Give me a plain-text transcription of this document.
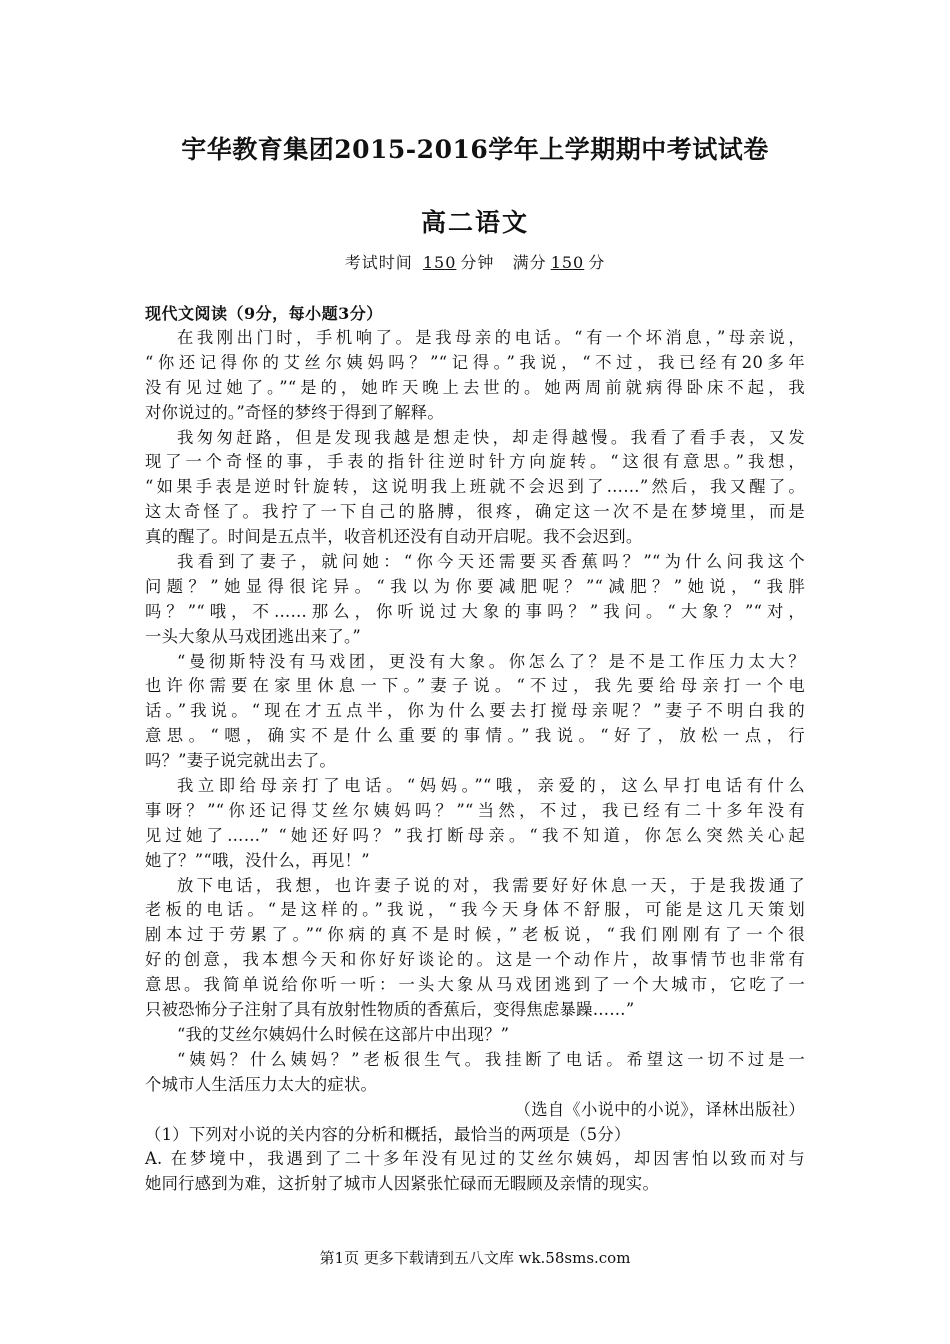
宇华教育集团2015-2016学年上学期期中考试试卷
高二语文
考试时间 150 分钟 满分 150 分
现代文阅读（9分，每小题3分）
在我刚出门时，手机响了。是我母亲的电话。“有一个坏消息，”母亲说，
“你还记得你的艾丝尔姨妈吗？”“记得。”我说，“不过，我已经有20多年
没有见过她了。”“是的，她昨天晚上去世的。她两周前就病得卧床不起，我
对你说过的。”奇怪的梦终于得到了解释。
我匆匆赶路，但是发现我越是想走快，却走得越慢。我看了看手表，又发
现了一个奇怪的事，手表的指针往逆时针方向旋转。“这很有意思。”我想，
“如果手表是逆时针旋转，这说明我上班就不会迟到了……”然后，我又醒了。
这太奇怪了。我拧了一下自己的胳膊，很疼，确定这一次不是在梦境里，而是
真的醒了。时间是五点半，收音机还没有自动开启呢。我不会迟到。
我看到了妻子，就问她：“你今天还需要买香蕉吗？”“为什么问我这个
问题？”她显得很诧异。“我以为你要减肥呢？”“减肥？”她说，“我胖
吗？”“哦，不……那么，你听说过大象的事吗？”我问。“大象？”“对，
一头大象从马戏团逃出来了。”
“曼彻斯特没有马戏团，更没有大象。你怎么了？是不是工作压力太大？
也许你需要在家里休息一下。”妻子说。“不过，我先要给母亲打一个电
话。”我说。“现在才五点半，你为什么要去打搅母亲呢？”妻子不明白我的
意思。“嗯，确实不是什么重要的事情。”我说。“好了，放松一点，行
吗？”妻子说完就出去了。
我立即给母亲打了电话。“妈妈。”“哦，亲爱的，这么早打电话有什么
事呀？”“你还记得艾丝尔姨妈吗？”“当然，不过，我已经有二十多年没有
见过她了……” “她还好吗？”我打断母亲。“我不知道，你怎么突然关心起
她了？”“哦，没什么，再见！”
放下电话，我想，也许妻子说的对，我需要好好休息一天，于是我拨通了
老板的电话。“是这样的。”我说，“我今天身体不舒服，可能是这几天策划
剧本过于劳累了。”“你病的真不是时候，”老板说，“我们刚刚有了一个很
好的创意，我本想今天和你好好谈论的。这是一个动作片，故事情节也非常有
意思。我简单说给你听一听：一头大象从马戏团逃到了一个大城市，它吃了一
只被恐怖分子注射了具有放射性物质的香蕉后，变得焦虑暴躁……”
“我的艾丝尔姨妈什么时候在这部片中出现？”
“姨妈？什么姨妈？”老板很生气。我挂断了电话。希望这一切不过是一
个城市人生活压力太大的症状。
（选自《小说中的小说》，译林出版社）
（1）下列对小说的关内容的分析和概括，最恰当的两项是（5分）
A. 在梦境中，我遇到了二十多年没有见过的艾丝尔姨妈，却因害怕以致而对与
她同行感到为难，这折射了城市人因紧张忙碌而无暇顾及亲情的现实。
第1页 更多下载请到五八文库 wk.58sms.com
